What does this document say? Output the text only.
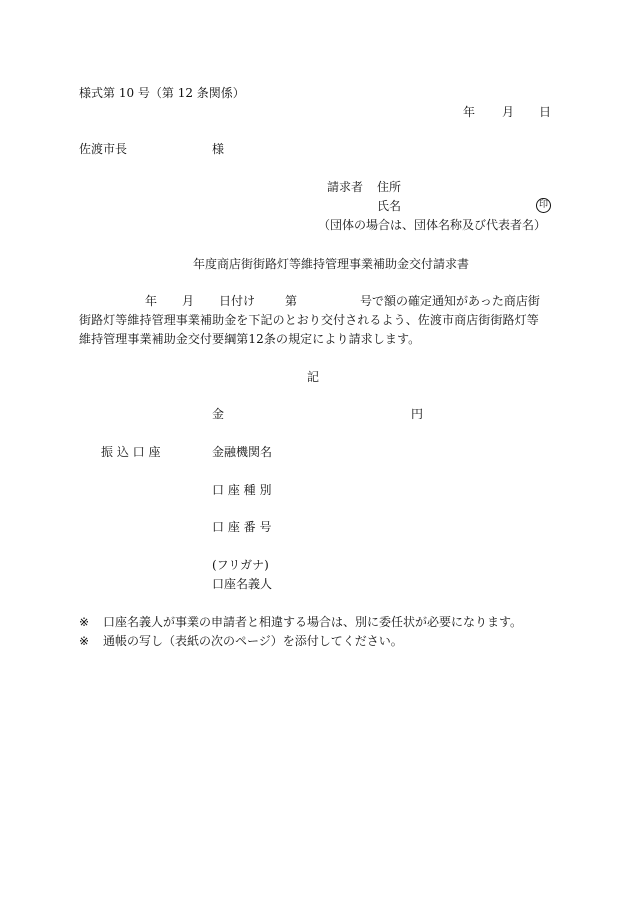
様式第 10 号（第 12 条関係）
年 月 日
佐渡市長	様
請求者 住所
氏名	印
（団体の場合は、団体名称及び代表者名）
年度商店街街路灯等維持管理事業補助金交付請求書
年 月 日付け 第	号で額の確定通知があった商店街
街路灯等維持管理事業補助金を下記のとおり交付されるよう、佐渡市商店街街路灯等
維持管理事業補助金交付要綱第12条の規定により請求します。
記
金	円
振 込 口 座	金融機関名
口 座 種 別
口 座 番 号
(フリガナ)
口座名義人
※ 口座名義人が事業の申請者と相違する場合は、別に委任状が必要になります。
※ 通帳の写し（表紙の次のページ）を添付してください。
